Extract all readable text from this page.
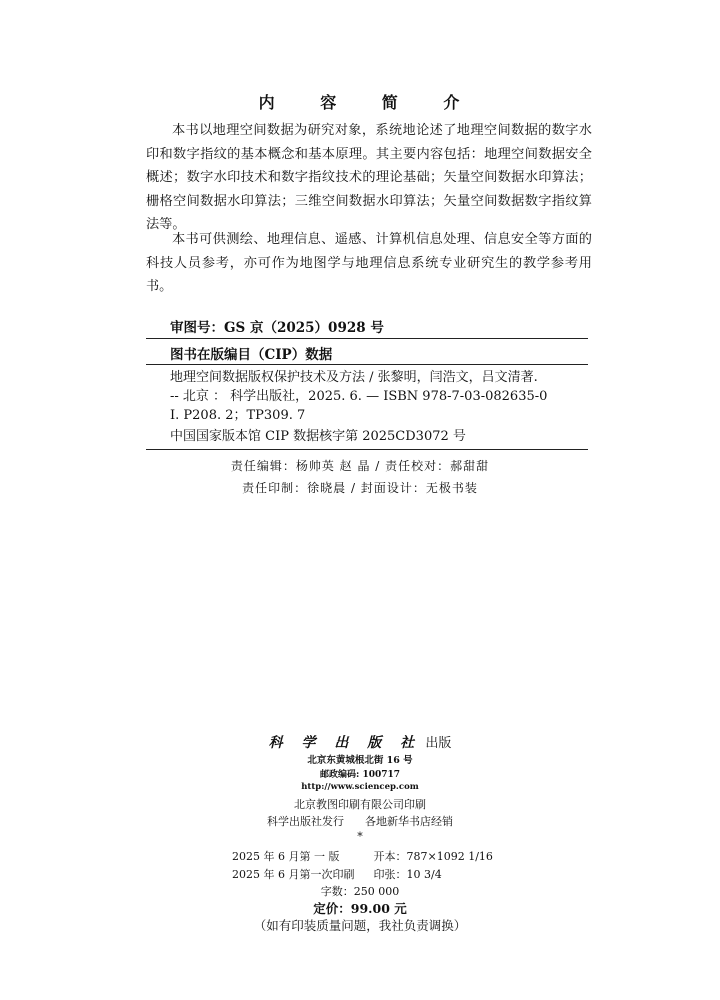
内 容 简 介

本书以地理空间数据为研究对象，系统地论述了地理空间数据的数字水印和数字指纹的基本概念和基本原理。其主要内容包括：地理空间数据安全概述；数字水印技术和数字指纹技术的理论基础；矢量空间数据水印算法；栅格空间数据水印算法；三维空间数据水印算法；矢量空间数据数字指纹算法等。

本书可供测绘、地理信息、遥感、计算机信息处理、信息安全等方面的科技人员参考，亦可作为地图学与地理信息系统专业研究生的教学参考用书。

审图号：GS 京（2025）0928 号
图书在版编目（CIP）数据
地理空间数据版权保护技术及方法 / 张黎明，闫浩文，吕文清著.
-- 北京 ： 科学出版社，2025. 6. — ISBN 978-7-03-082635-0
Ⅰ. P208. 2；TP309. 7
中国国家版本馆 CIP 数据核字第 2025CD3072 号
责任编辑：杨帅英 赵 晶 / 责任校对：郝甜甜
责任印制：徐晓晨 / 封面设计：无极书装
科 学 出 版 社 出版
北京东黄城根北街 16 号
邮政编码: 100717
http://www.sciencep.com
北京教图印刷有限公司印刷
科学出版社发行 各地新华书店经销
*
2025 年 6 月第 一 版	开本：787×1092 1/16
2025 年 6 月第一次印刷 印张：10 3/4
字数：250 000
定价：99.00 元
（如有印装质量问题，我社负责调换）
